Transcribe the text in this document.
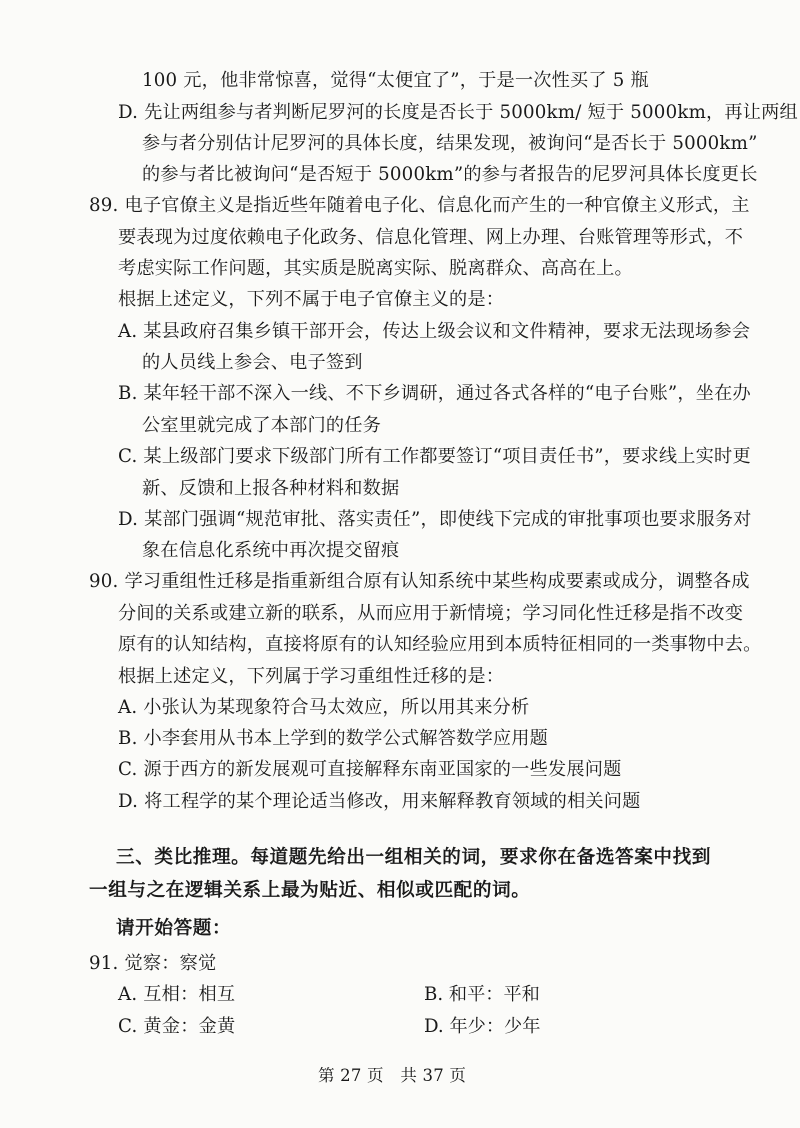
100 元，他非常惊喜，觉得“太便宜了”，于是一次性买了 5 瓶
D. 先让两组参与者判断尼罗河的长度是否长于 5000km/ 短于 5000km，再让两组
参与者分别估计尼罗河的具体长度，结果发现，被询问“是否长于 5000km”
的参与者比被询问“是否短于 5000km”的参与者报告的尼罗河具体长度更长
89. 电子官僚主义是指近些年随着电子化、信息化而产生的一种官僚主义形式，主
要表现为过度依赖电子化政务、信息化管理、网上办理、台账管理等形式，不
考虑实际工作问题，其实质是脱离实际、脱离群众、高高在上。
根据上述定义，下列不属于电子官僚主义的是：
A. 某县政府召集乡镇干部开会，传达上级会议和文件精神，要求无法现场参会
的人员线上参会、电子签到
B. 某年轻干部不深入一线、不下乡调研，通过各式各样的“电子台账”，坐在办
公室里就完成了本部门的任务
C. 某上级部门要求下级部门所有工作都要签订“项目责任书”，要求线上实时更
新、反馈和上报各种材料和数据
D. 某部门强调“规范审批、落实责任”，即使线下完成的审批事项也要求服务对
象在信息化系统中再次提交留痕
90. 学习重组性迁移是指重新组合原有认知系统中某些构成要素或成分，调整各成
分间的关系或建立新的联系，从而应用于新情境；学习同化性迁移是指不改变
原有的认知结构，直接将原有的认知经验应用到本质特征相同的一类事物中去。
根据上述定义，下列属于学习重组性迁移的是：
A. 小张认为某现象符合马太效应，所以用其来分析
B. 小李套用从书本上学到的数学公式解答数学应用题
C. 源于西方的新发展观可直接解释东南亚国家的一些发展问题
D. 将工程学的某个理论适当修改，用来解释教育领域的相关问题
三、类比推理。每道题先给出一组相关的词，要求你在备选答案中找到
一组与之在逻辑关系上最为贴近、相似或匹配的词。
请开始答题：
91. 觉察：察觉
A. 互相：相互	B. 和平：平和
C. 黄金：金黄	D. 年少：少年
第 27 页　共 37 页
